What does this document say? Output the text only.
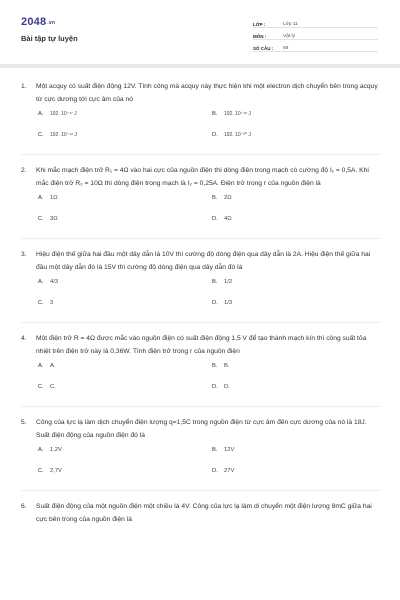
2048.vn
Bài tập tự luyện
LỚP :	Lớp 11
MÔN :	Vật lý
SỐ CÂU :	68
1.	Một acquy có suất điện động 12V. Tính công mà acquy này thực hiện khi một electron dịch chuyển bên trong acquy từ cực dương tới cực âm của nó
A.	192. 10⁻¹⁷ J	B.	192. 10⁻¹⁸ J
C.	192. 10⁻¹⁹ J	D.	192. 10⁻²⁰ J
2.	Khi mắc mạch điện trở R₁ = 4Ω vào hai cực của nguồn điện thì dòng điện trong mạch có cường độ I₁ = 0,5A. Khi mắc điện trở R₂ = 10Ω thì dòng điện trong mạch là I₂ = 0,25A. Điện trở trong r của nguồn điện là
A.	1Ω	B.	2Ω
C.	3Ω	D.	4Ω
3.	Hiệu điện thế giữa hai đầu một dây dẫn là 10V thì cường độ dòng điện qua dây dẫn là 2A. Hiệu điện thế giữa hai đầu một dây dẫn đó là 15V thì cường độ dòng điện qua dây dẫn đó là
A.	4/3	B.	1/2
C.	3	D.	1/3
4.	Một điện trở R = 4Ω được mắc vào nguồn điện có suất điện động 1,5 V để tạo thành mạch kín thì công suất tỏa nhiệt trên điện trở này là 0,36W. Tính điện trở trong r của nguồn điện
A.	A.	B.	B.
C.	C.	D.	D.
5.	Công của lực lạ làm dịch chuyển điện lượng q=1,5C trong nguồn điện từ cực âm đến cực dương của nó là 18J. Suất điện động của nguồn điện đó là
A.	1,2V	B.	12V
C.	2,7V	D.	27V
6.	Suất điện động của một nguồn điện một chiều là 4V. Công của lực lạ làm di chuyển một điện lượng 8mC giữa hai cực bên trong của nguồn điện là
